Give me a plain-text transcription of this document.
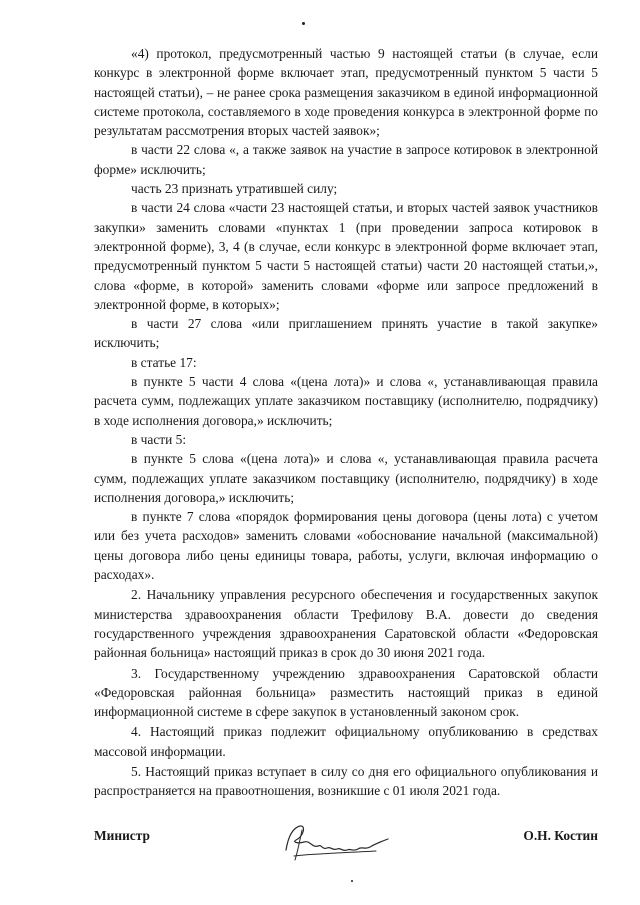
«4) протокол, предусмотренный частью 9 настоящей статьи (в случае, если конкурс в электронной форме включает этап, предусмотренный пунктом 5 части 5 настоящей статьи), – не ранее срока размещения заказчиком в единой информационной системе протокола, составляемого в ходе проведения конкурса в электронной форме по результатам рассмотрения вторых частей заявок»;

в части 22 слова «, а также заявок на участие в запросе котировок в электронной форме» исключить;

часть 23 признать утратившей силу;

в части 24 слова «части 23 настоящей статьи, и вторых частей заявок участников закупки» заменить словами «пунктах 1 (при проведении запроса котировок в электронной форме), 3, 4 (в случае, если конкурс в электронной форме включает этап, предусмотренный пунктом 5 части 5 настоящей статьи) части 20 настоящей статьи,», слова «форме, в которой» заменить словами «форме или запросе предложений в электронной форме, в которых»;

в части 27 слова «или приглашением принять участие в такой закупке» исключить;

в статье 17:

в пункте 5 части 4 слова «(цена лота)» и слова «, устанавливающая правила расчета сумм, подлежащих уплате заказчиком поставщику (исполнителю, подрядчику) в ходе исполнения договора,» исключить;

в части 5:

в пункте 5 слова «(цена лота)» и слова «, устанавливающая правила расчета сумм, подлежащих уплате заказчиком поставщику (исполнителю, подрядчику) в ходе исполнения договора,» исключить;

в пункте 7 слова «порядок формирования цены договора (цены лота) с учетом или без учета расходов» заменить словами «обоснование начальной (максимальной) цены договора либо цены единицы товара, работы, услуги, включая информацию о расходах».

2. Начальнику управления ресурсного обеспечения и государственных закупок министерства здравоохранения области Трефилову В.А. довести до сведения государственного учреждения здравоохранения Саратовской области «Федоровская районная больница» настоящий приказ в срок до 30 июня 2021 года.

3. Государственному учреждению здравоохранения Саратовской области «Федоровская районная больница» разместить настоящий приказ в единой информационной системе в сфере закупок в установленный законом срок.

4. Настоящий приказ подлежит официальному опубликованию в средствах массовой информации.

5. Настоящий приказ вступает в силу со дня его официального опубликования и распространяется на правоотношения, возникшие с 01 июля 2021 года.

Министр	О.Н. Костин
